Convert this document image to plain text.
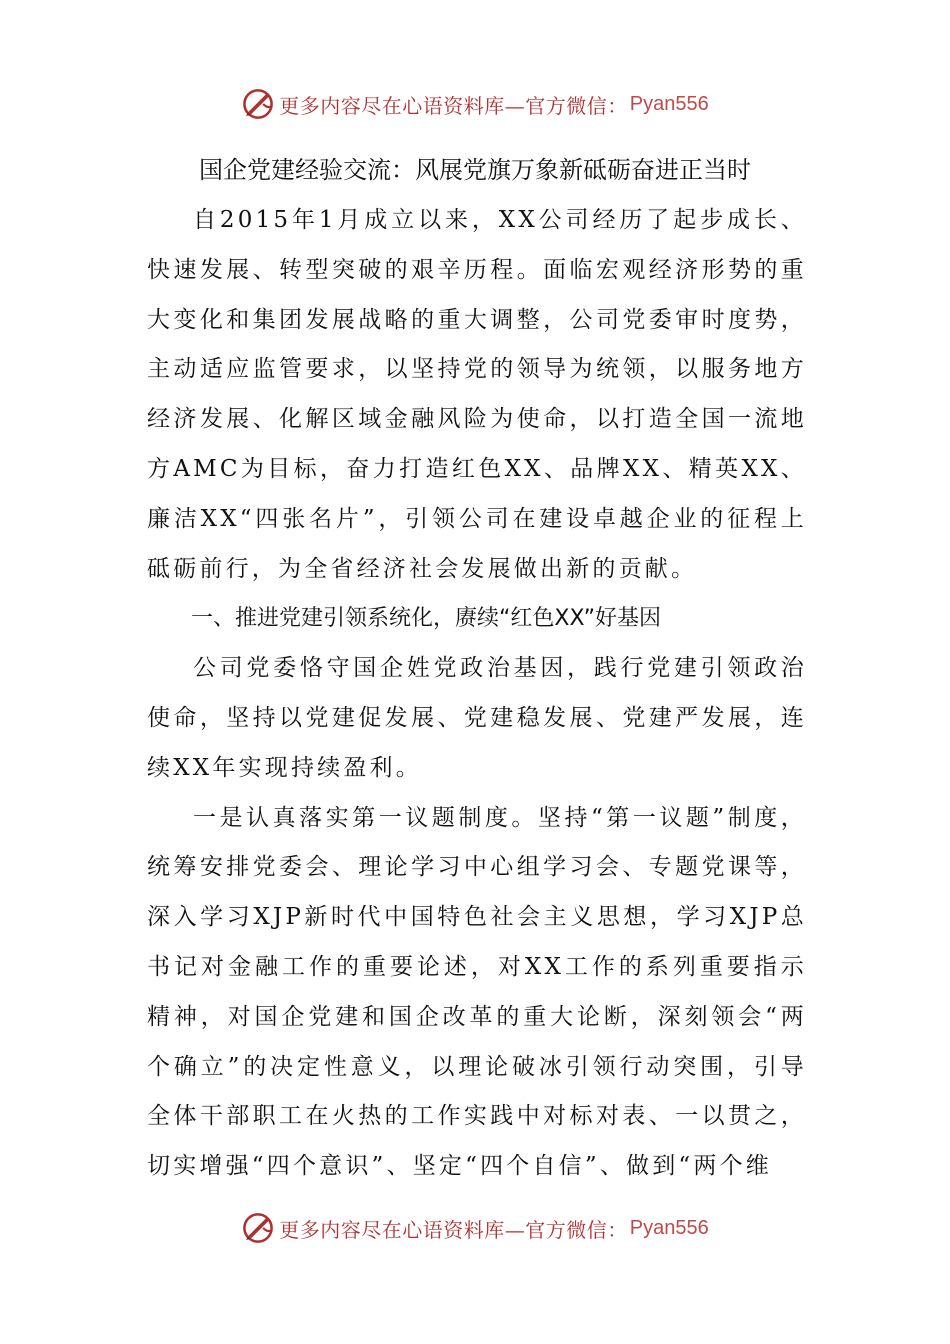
更多内容尽在心语资料库—官方微信： Pyan556
国企党建经验交流：风展党旗万象新砥砺奋进正当时

自2015年1月成立以来，XX公司经历了起步成长、快速发展、转型突破的艰辛历程。面临宏观经济形势的重大变化和集团发展战略的重大调整，公司党委审时度势，主动适应监管要求，以坚持党的领导为统领，以服务地方经济发展、化解区域金融风险为使命，以打造全国一流地方AMC为目标，奋力打造红色XX、品牌XX、精英XX、廉洁XX“四张名片”，引领公司在建设卓越企业的征程上砥砺前行，为全省经济社会发展做出新的贡献。

一、推进党建引领系统化，赓续“红色XX”好基因

公司党委恪守国企姓党政治基因，践行党建引领政治使命，坚持以党建促发展、党建稳发展、党建严发展，连续XX年实现持续盈利。

一是认真落实第一议题制度。坚持“第一议题”制度，统筹安排党委会、理论学习中心组学习会、专题党课等，深入学习XJP新时代中国特色社会主义思想，学习XJP总书记对金融工作的重要论述，对XX工作的系列重要指示精神，对国企党建和国企改革的重大论断，深刻领会“两个确立”的决定性意义，以理论破冰引领行动突围，引导全体干部职工在火热的工作实践中对标对表、一以贯之，切实增强“四个意识”、坚定“四个自信”、做到“两个维

更多内容尽在心语资料库—官方微信： Pyan556
